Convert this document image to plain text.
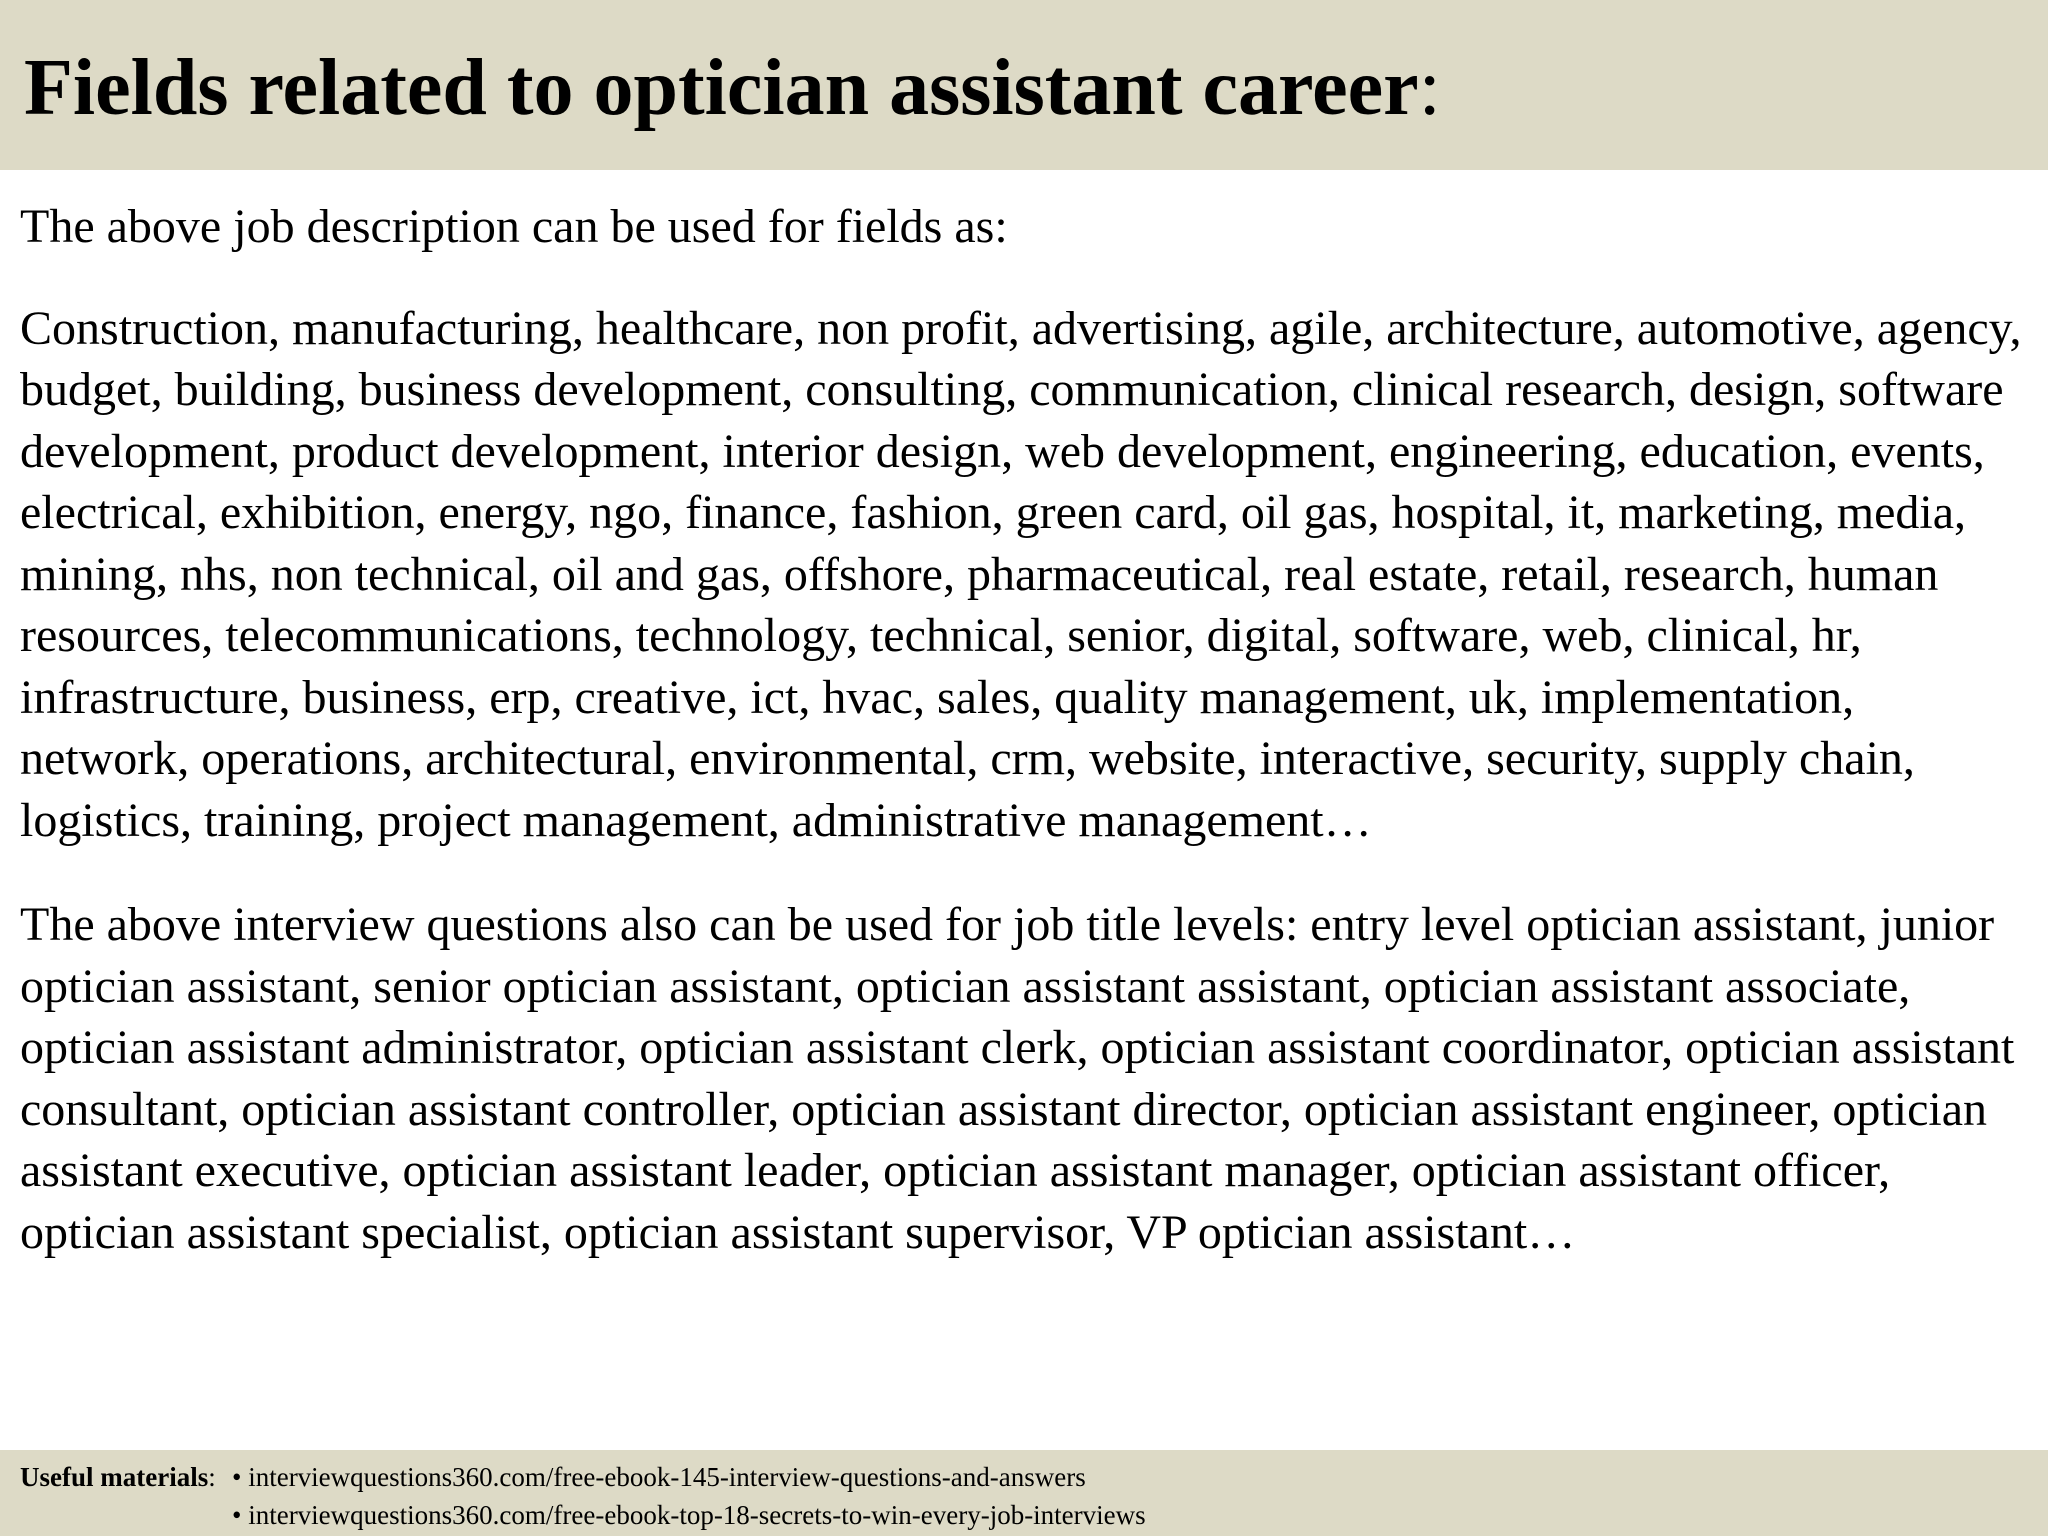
Fields related to optician assistant career:

The above job description can be used for fields as:

Construction, manufacturing, healthcare, non profit, advertising, agile, architecture, automotive, agency, budget, building, business development, consulting, communication, clinical research, design, software development, product development, interior design, web development, engineering, education, events, electrical, exhibition, energy, ngo, finance, fashion, green card, oil gas, hospital, it, marketing, media, mining, nhs, non technical, oil and gas, offshore, pharmaceutical, real estate, retail, research, human resources, telecommunications, technology, technical, senior, digital, software, web, clinical, hr, infrastructure, business, erp, creative, ict, hvac, sales, quality management, uk, implementation, network, operations, architectural, environmental, crm, website, interactive, security, supply chain, logistics, training, project management, administrative management…

The above interview questions also can be used for job title levels: entry level optician assistant, junior optician assistant, senior optician assistant, optician assistant assistant, optician assistant associate, optician assistant administrator, optician assistant clerk, optician assistant coordinator, optician assistant consultant, optician assistant controller, optician assistant director, optician assistant engineer, optician assistant executive, optician assistant leader, optician assistant manager, optician assistant officer, optician assistant specialist, optician assistant supervisor, VP optician assistant…

Useful materials: • interviewquestions360.com/free-ebook-145-interview-questions-and-answers
• interviewquestions360.com/free-ebook-top-18-secrets-to-win-every-job-interviews
